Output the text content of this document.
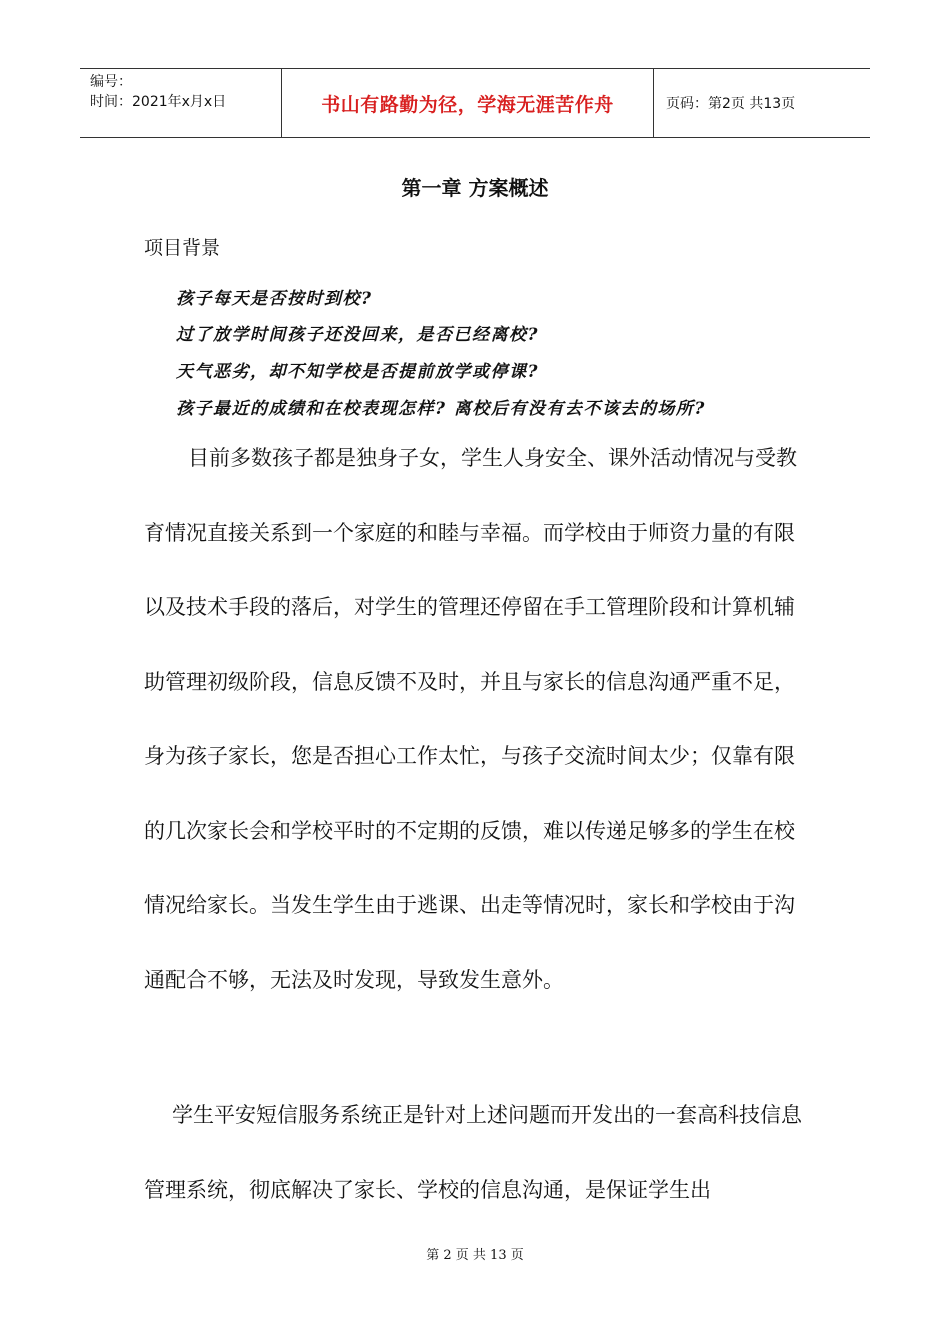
编号：
时间：2021年x月x日	书山有路勤为径，学海无涯苦作舟	页码：第2页 共13页
第一章 方案概述
项目背景
孩子每天是否按时到校?
过了放学时间孩子还没回来，是否已经离校?
天气恶劣，却不知学校是否提前放学或停课?
孩子最近的成绩和在校表现怎样? 离校后有没有去不该去的场所?

目前多数孩子都是独身子女，学生人身安全、课外活动情况与受教育情况直接关系到一个家庭的和睦与幸福。而学校由于师资力量的有限以及技术手段的落后，对学生的管理还停留在手工管理阶段和计算机辅助管理初级阶段，信息反馈不及时，并且与家长的信息沟通严重不足，身为孩子家长，您是否担心工作太忙，与孩子交流时间太少；仅靠有限的几次家长会和学校平时的不定期的反馈，难以传递足够多的学生在校情况给家长。当发生学生由于逃课、出走等情况时，家长和学校由于沟通配合不够，无法及时发现，导致发生意外。

学生平安短信服务系统正是针对上述问题而开发出的一套高科技信息管理系统，彻底解决了家长、学校的信息沟通，是保证学生出

第 2 页 共 13 页
